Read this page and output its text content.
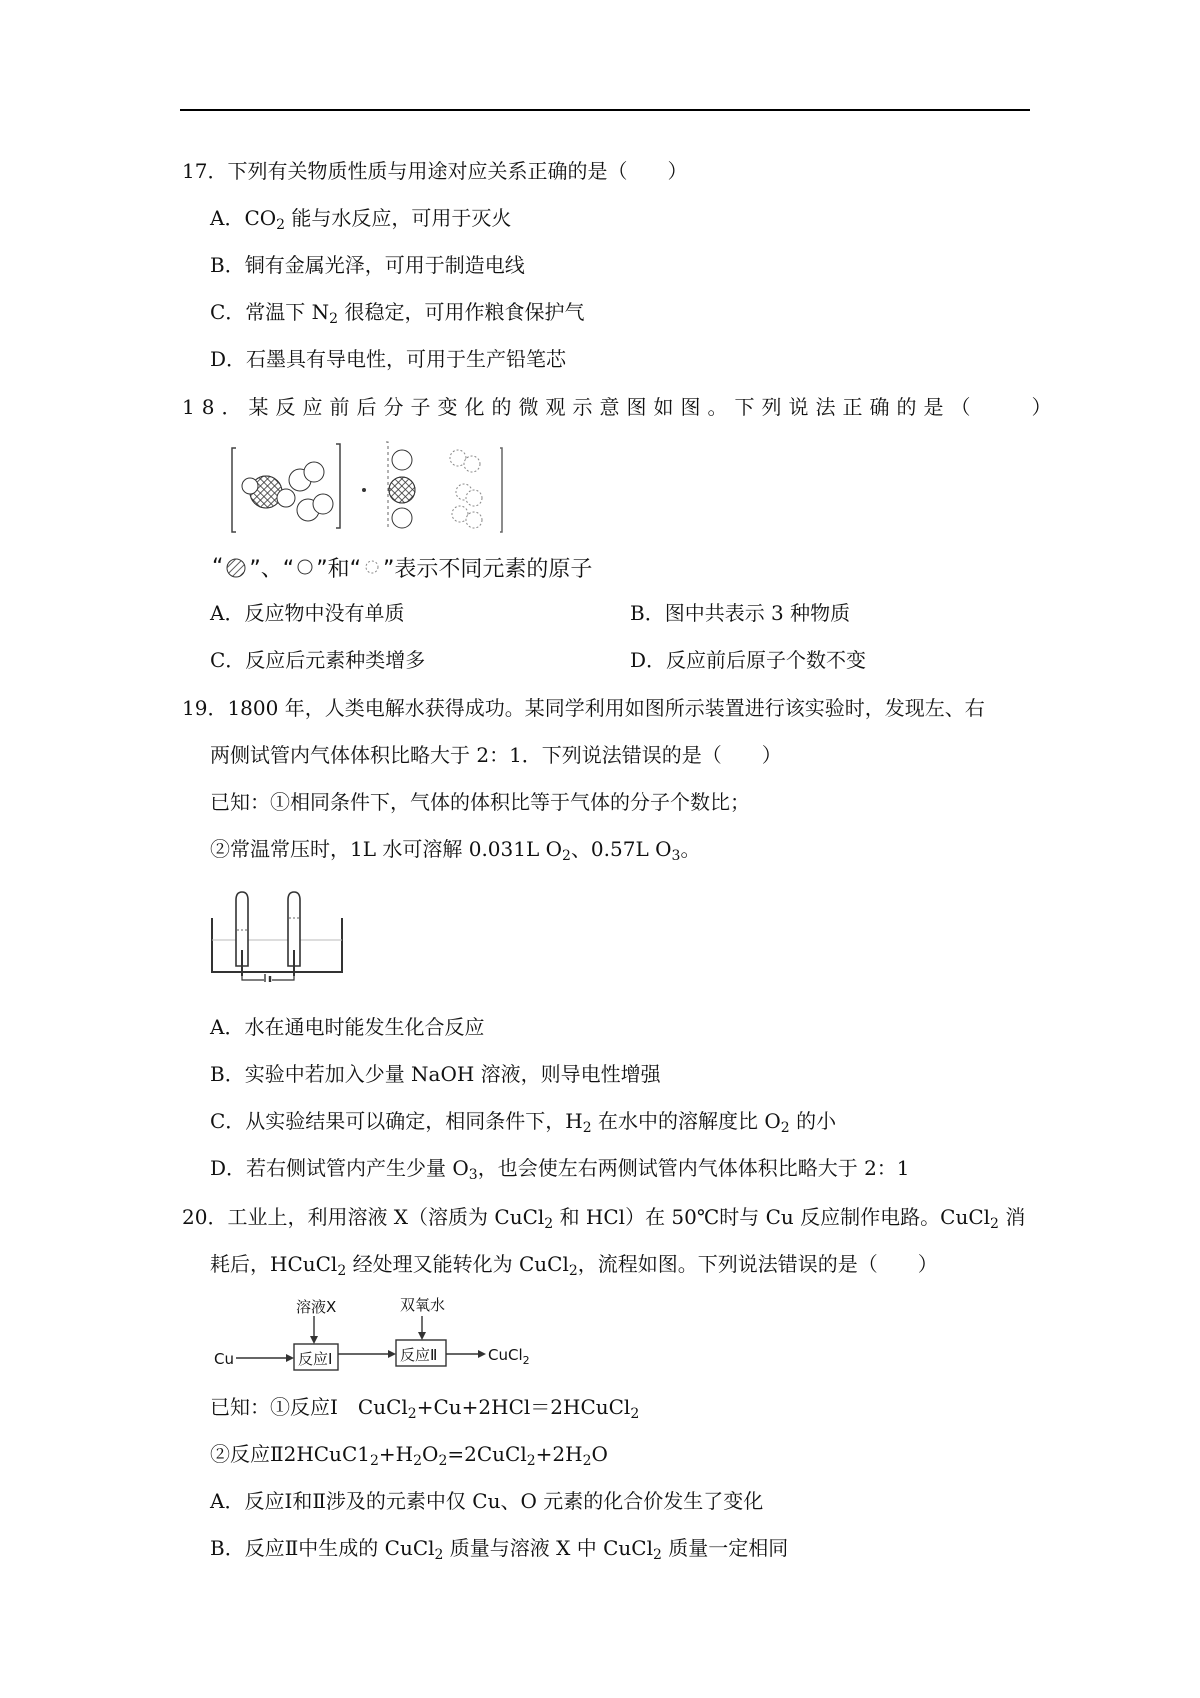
17．下列有关物质性质与用途对应关系正确的是（　　）
A．$CO_2$ 能与水反应，可用于灭火
B．铜有金属光泽，可用于制造电线
C．常温下 $N_2$ 很稳定，可用作粮食保护气
D．石墨具有导电性，可用于生产铅笔芯
18．某反应前后分子变化的微观示意图如图。下列说法正确的是（　　）
“ ”、“ ”和“ ”表示不同元素的原子
A．反应物中没有单质	B．图中共表示 3 种物质
C．反应后元素种类增多	D．反应前后原子个数不变
19．1800 年，人类电解水获得成功。某同学利用如图所示装置进行该实验时，发现左、右
两侧试管内气体体积比略大于 2：1．下列说法错误的是（　　）
已知：①相同条件下，气体的体积比等于气体的分子个数比；
②常温常压时，1L 水可溶解 0.031L $O_2$、0.57L $O_3$。
A．水在通电时能发生化合反应
B．实验中若加入少量 NaOH 溶液，则导电性增强
C．从实验结果可以确定，相同条件下，$H_2$ 在水中的溶解度比 $O_2$ 的小
D．若右侧试管内产生少量 $O_3$，也会使左右两侧试管内气体体积比略大于 2：1
20．工业上，利用溶液 X（溶质为 CuCl$_2$ 和 HCl）在 50℃时与 Cu 反应制作电路。CuCl$_2$ 消
耗后，HCuCl$_2$ 经处理又能转化为 CuCl$_2$，流程如图。下列说法错误的是（　　）
溶液X	双氧水
Cu	反应Ⅰ	反应Ⅱ	CuCl$_2$
已知：①反应Ⅰ　CuCl$_2$+Cu+2HCl＝2HCuCl$_2$
②反应$Ⅱ2HCuC1_2+H_2O_2=2CuCl_2+2H_2O$
A．反应Ⅰ和Ⅱ涉及的元素中仅 Cu、O 元素的化合价发生了变化
B．反应Ⅱ中生成的 CuCl$_2$ 质量与溶液 X 中 CuCl$_2$ 质量一定相同
